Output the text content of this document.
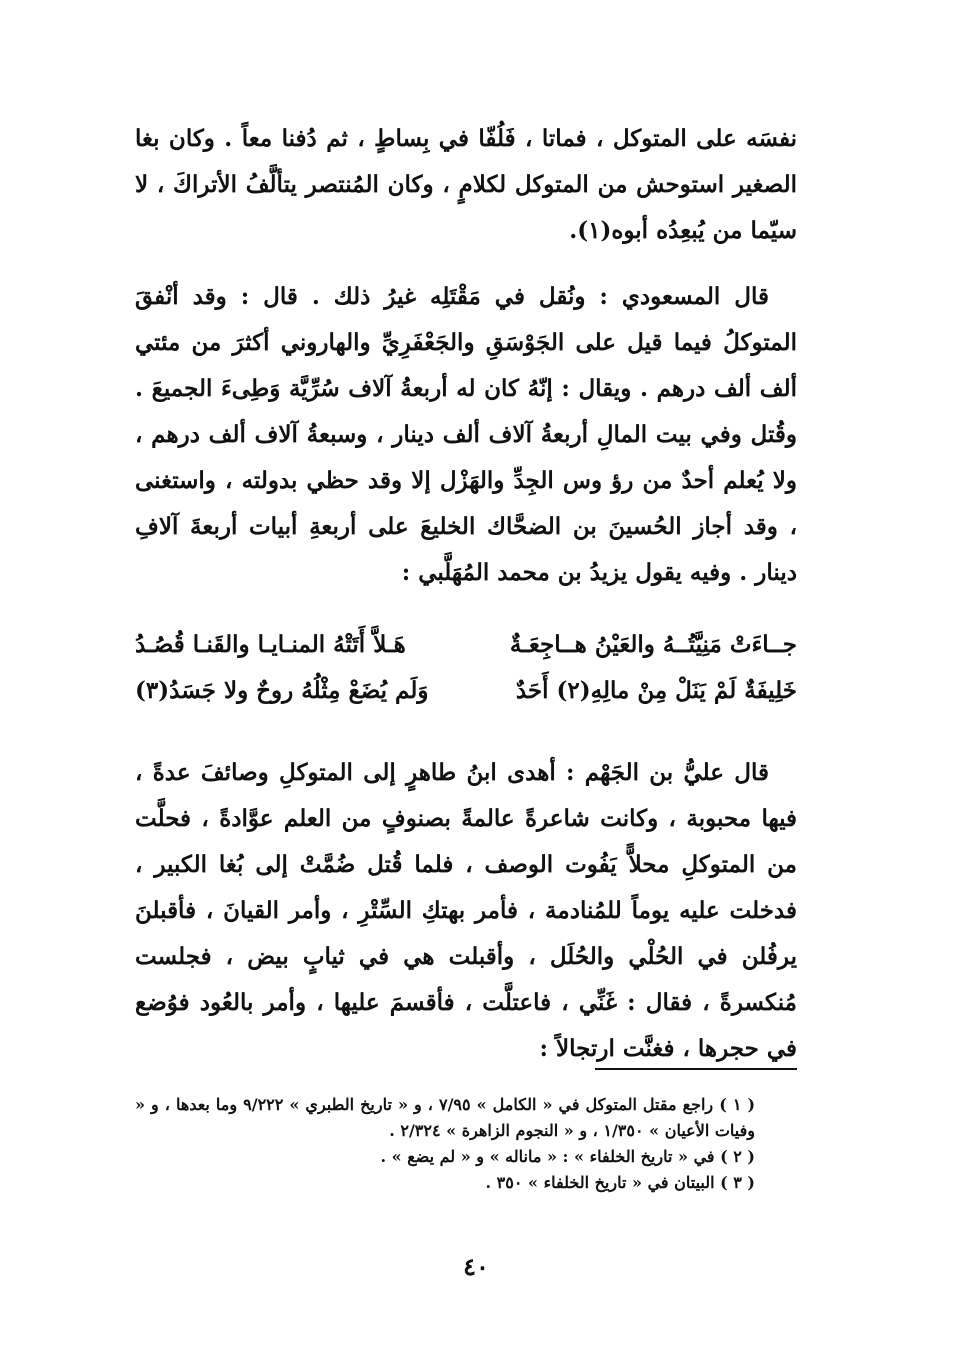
نفسَه على المتوكل ، فماتا ، فَلُفّا في بِساطٍ ، ثم دُفنا معاً . وكان بغا الصغير استوحش من المتوكل لكلامٍ ، وكان المُنتصر يتألَّفُ الأتراكَ ، لا سيّما من يُبعِدُه أبوه(١).

قال المسعودي : ونُقل في مَقْتَلِه غيرُ ذلك . قال : وقد أنْفقَ المتوكلُ فيما قيل على الجَوْسَقِ والجَعْفَرِيِّ والهاروني أكثرَ من مئتي ألف ألف درهم . ويقال : إنّهُ كان له أربعةُ آلاف سُرِّيَّة وَطِىءَ الجميعَ . وقُتل وفي بيت المالِ أربعةُ آلاف ألف دينار ، وسبعةُ آلاف ألف درهم ، ولا يُعلم أحدٌ من رؤ وس الجِدِّ والهَزْل إلا وقد حظي بدولته ، واستغنى ، وقد أجاز الحُسينَ بن الضحَّاك الخليعَ على أربعةِ أبيات أربعةَ آلافِ دينار . وفيه يقول يزيدُ بن محمد المُهَلَّبي :

جــاءَتْ مَنِيَّتُــهُ والعَيْنُ هــاجِعَـةٌ
هَـلاَّ أَتَتْهُ المنـايـا والقَنـا قُصُـدُ
خَلِيفَةٌ لَمْ يَنَلْ مِنْ مالِهِ(٢) أَحَدٌ
وَلَم يُضَعْ مِثْلُهُ روحٌ ولا جَسَدُ(٣)

قال عليُّ بن الجَهْم : أهدى ابنُ طاهرٍ إلى المتوكلِ وصائفَ عدةً ، فيها محبوبة ، وكانت شاعرةً عالمةً بصنوفٍ من العلم عوَّادةً ، فحلَّت من المتوكلِ محلاًّ يَفُوت الوصف ، فلما قُتل ضُمَّتْ إلى بُغا الكبير ، فدخلت عليه يوماً للمُنادمة ، فأمر بهتكِ السِّتْرِ ، وأمر القيانَ ، فأقبلنَ يرفُلن في الحُلْي والحُلَل ، وأقبلت هي في ثيابٍ بيض ، فجلست مُنكسرةً ، فقال : غَنِّي ، فاعتلَّت ، فأقسمَ عليها ، وأمر بالعُود فوُضع في حجرها ، فغنَّت ارتجالاً :

( ١ ) راجع مقتل المتوكل في « الكامل » ٧/٩٥ ، و « تاريخ الطبري » ٩/٢٢٢ وما بعدها ، و « وفيات الأعيان » ١/٣٥٠ ، و « النجوم الزاهرة » ٢/٣٢٤ .

( ٢ ) في « تاريخ الخلفاء » : « ماناله » و « لم يضع » .

( ٣ ) البيتان في « تاريخ الخلفاء » ٣٥٠ .

٤٠
